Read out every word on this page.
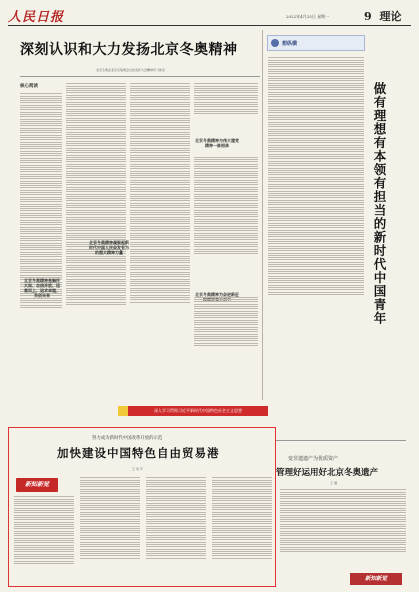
人民日报	2022年4月25日 星期一	9 理论
深刻认识和大力发扬北京冬奥精神
北京冬奥会北京冬残奥会总结表彰大会精神学习体会
核心阅读
北京冬奥精神是胸怀大局、自信开放、迎难而上、追求卓越、共创未来
北京冬奥精神凝聚起新时代中国人民奋发有为的强大精神力量
北京冬奥精神与伟大建党精神一脉相承
北京冬奥精神为奋进新征
想纵横
做有理想有本领有担当的新时代中国青年
深入学习贯彻习近平新时代中国特色社会主义思想
变非遗遗产为优质资产
管理好运用好北京冬奥遗产
王 刚
努力成为新时代中国改革开放的示范
加快建设中国特色自由贸易港
王 凤 平
新知新觉
新知新觉
